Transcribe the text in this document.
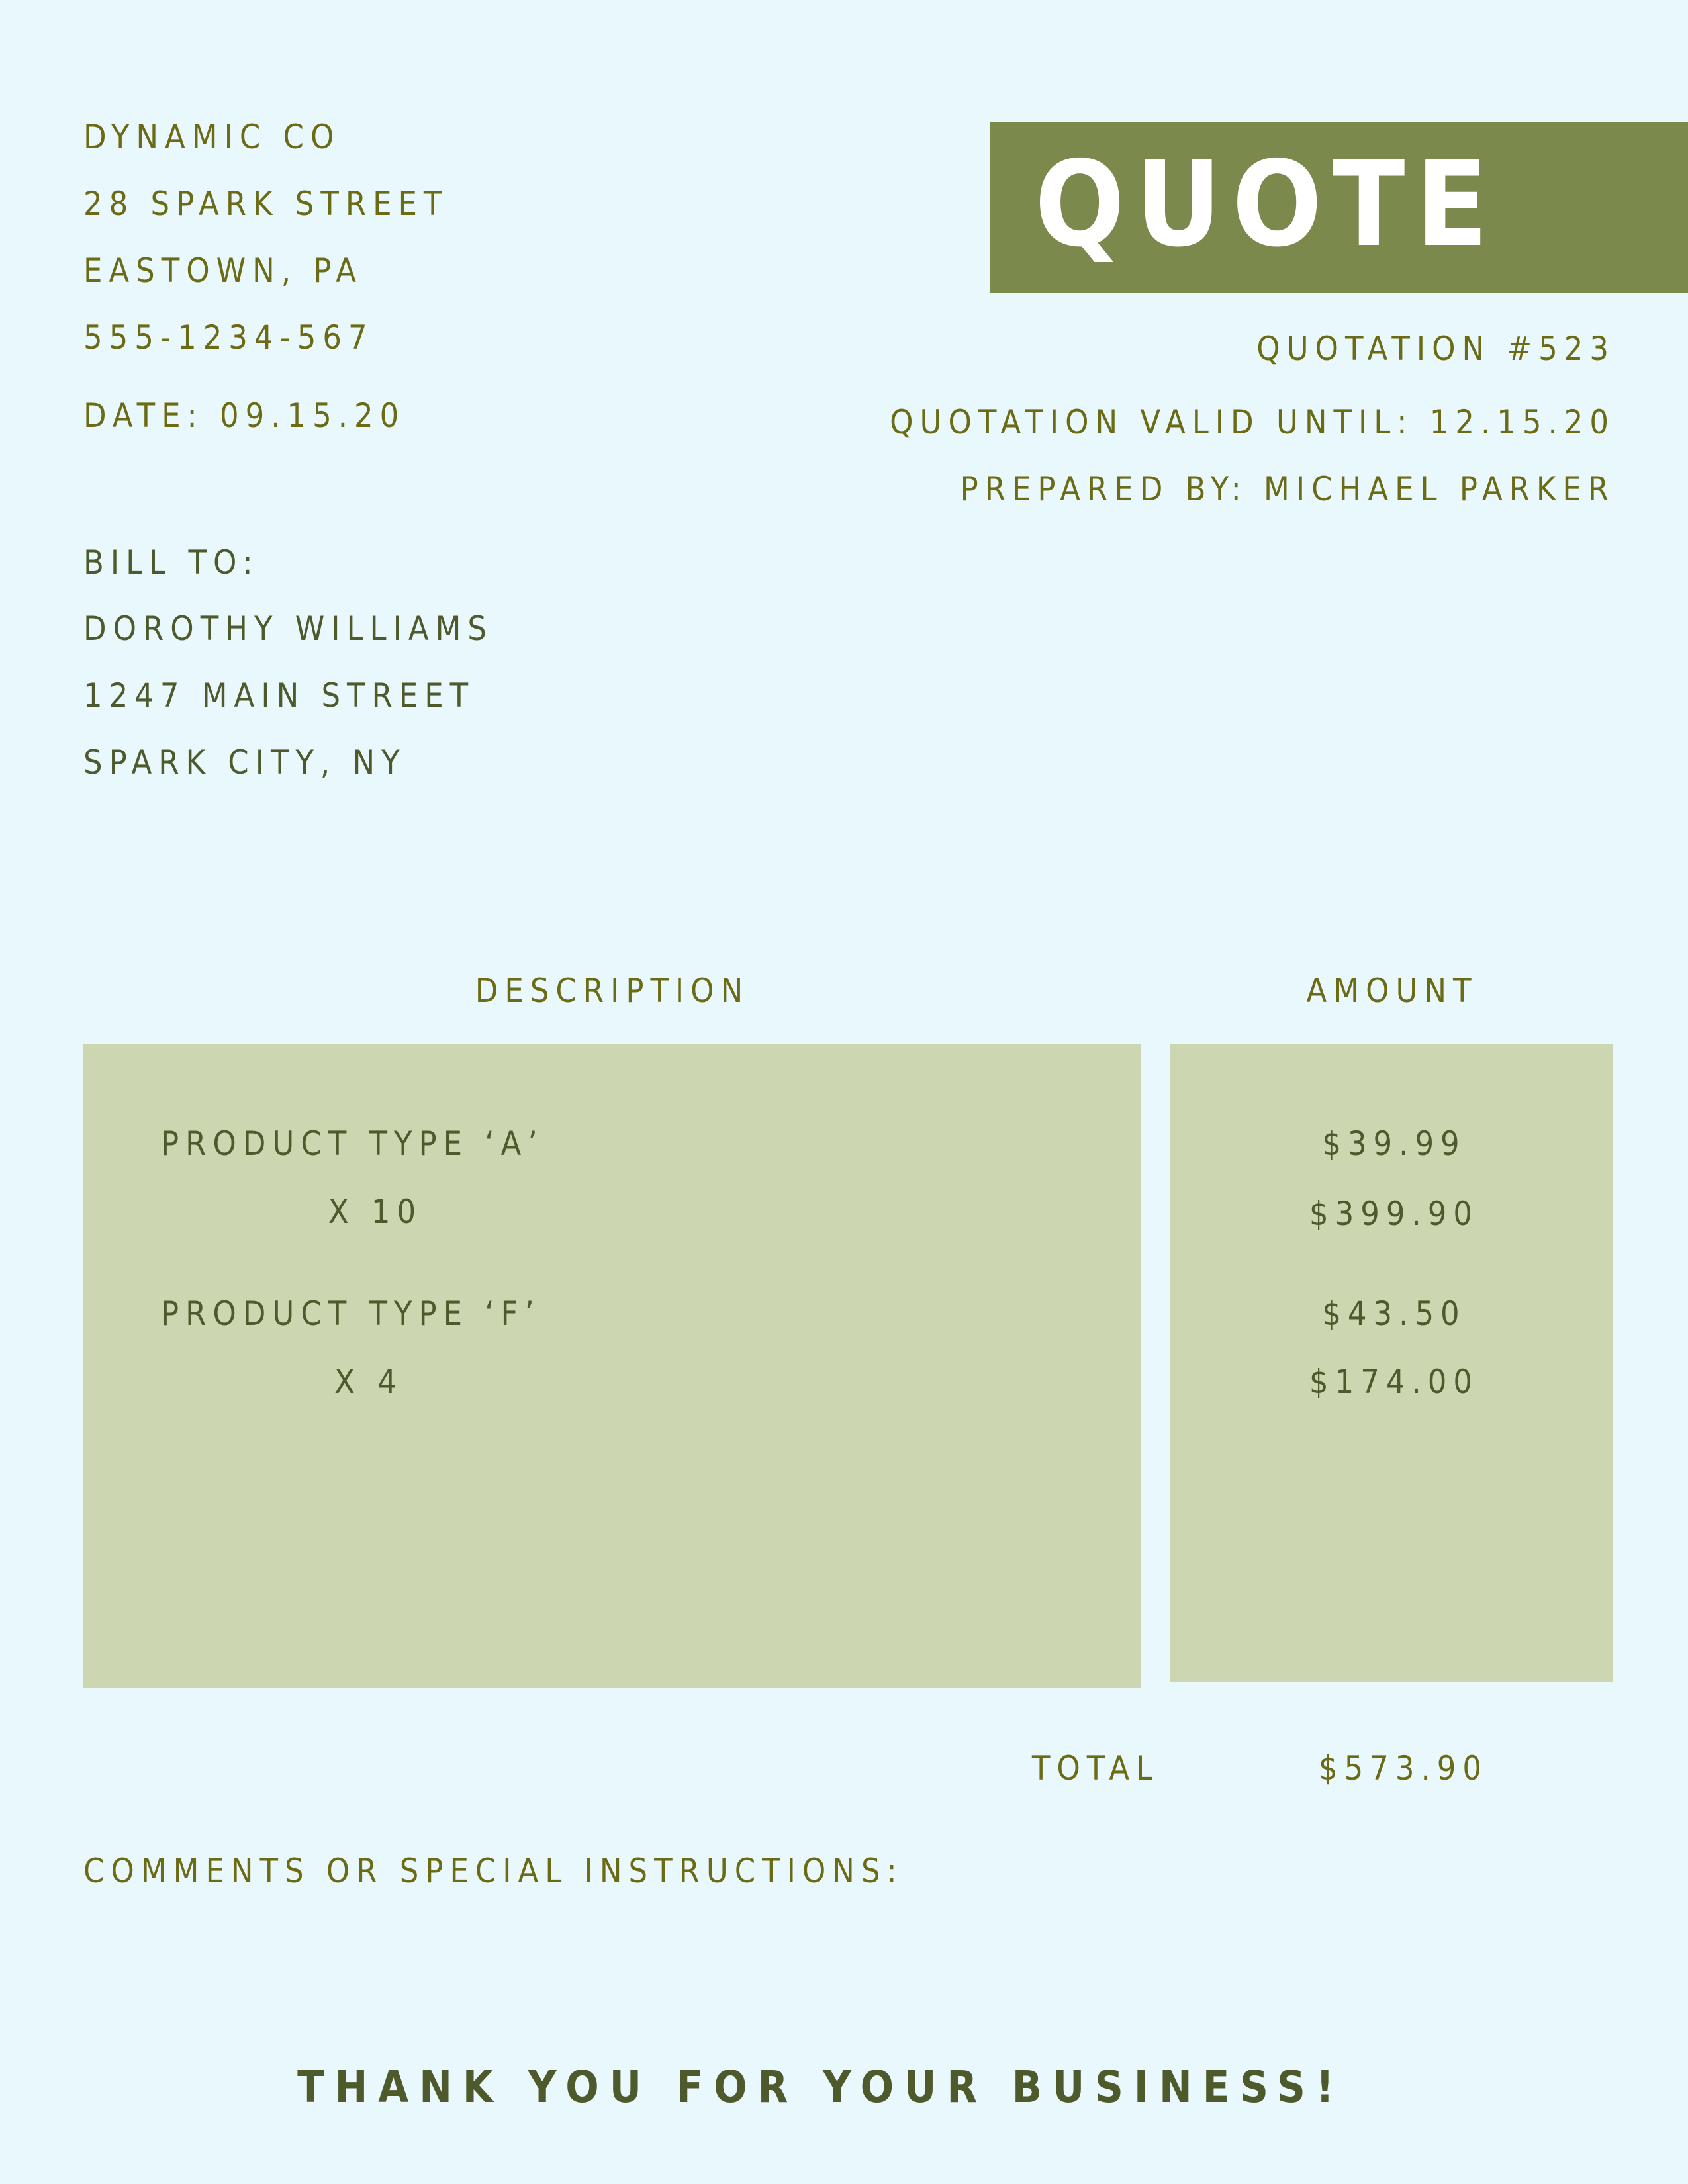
DYNAMIC CO
28 SPARK STREET
EASTOWN, PA
555-1234-567
DATE: 09.15.20
QUOTE
QUOTATION #523
QUOTATION VALID UNTIL: 12.15.20
PREPARED BY: MICHAEL PARKER
BILL TO:
DOROTHY WILLIAMS
1247 MAIN STREET
SPARK CITY, NY
DESCRIPTION	AMOUNT
PRODUCT TYPE ‘A’
X 10
PRODUCT TYPE ‘F’
X 4
$39.99
$399.90
$43.50
$174.00
TOTAL	$573.90
COMMENTS OR SPECIAL INSTRUCTIONS:
THANK YOU FOR YOUR BUSINESS!
